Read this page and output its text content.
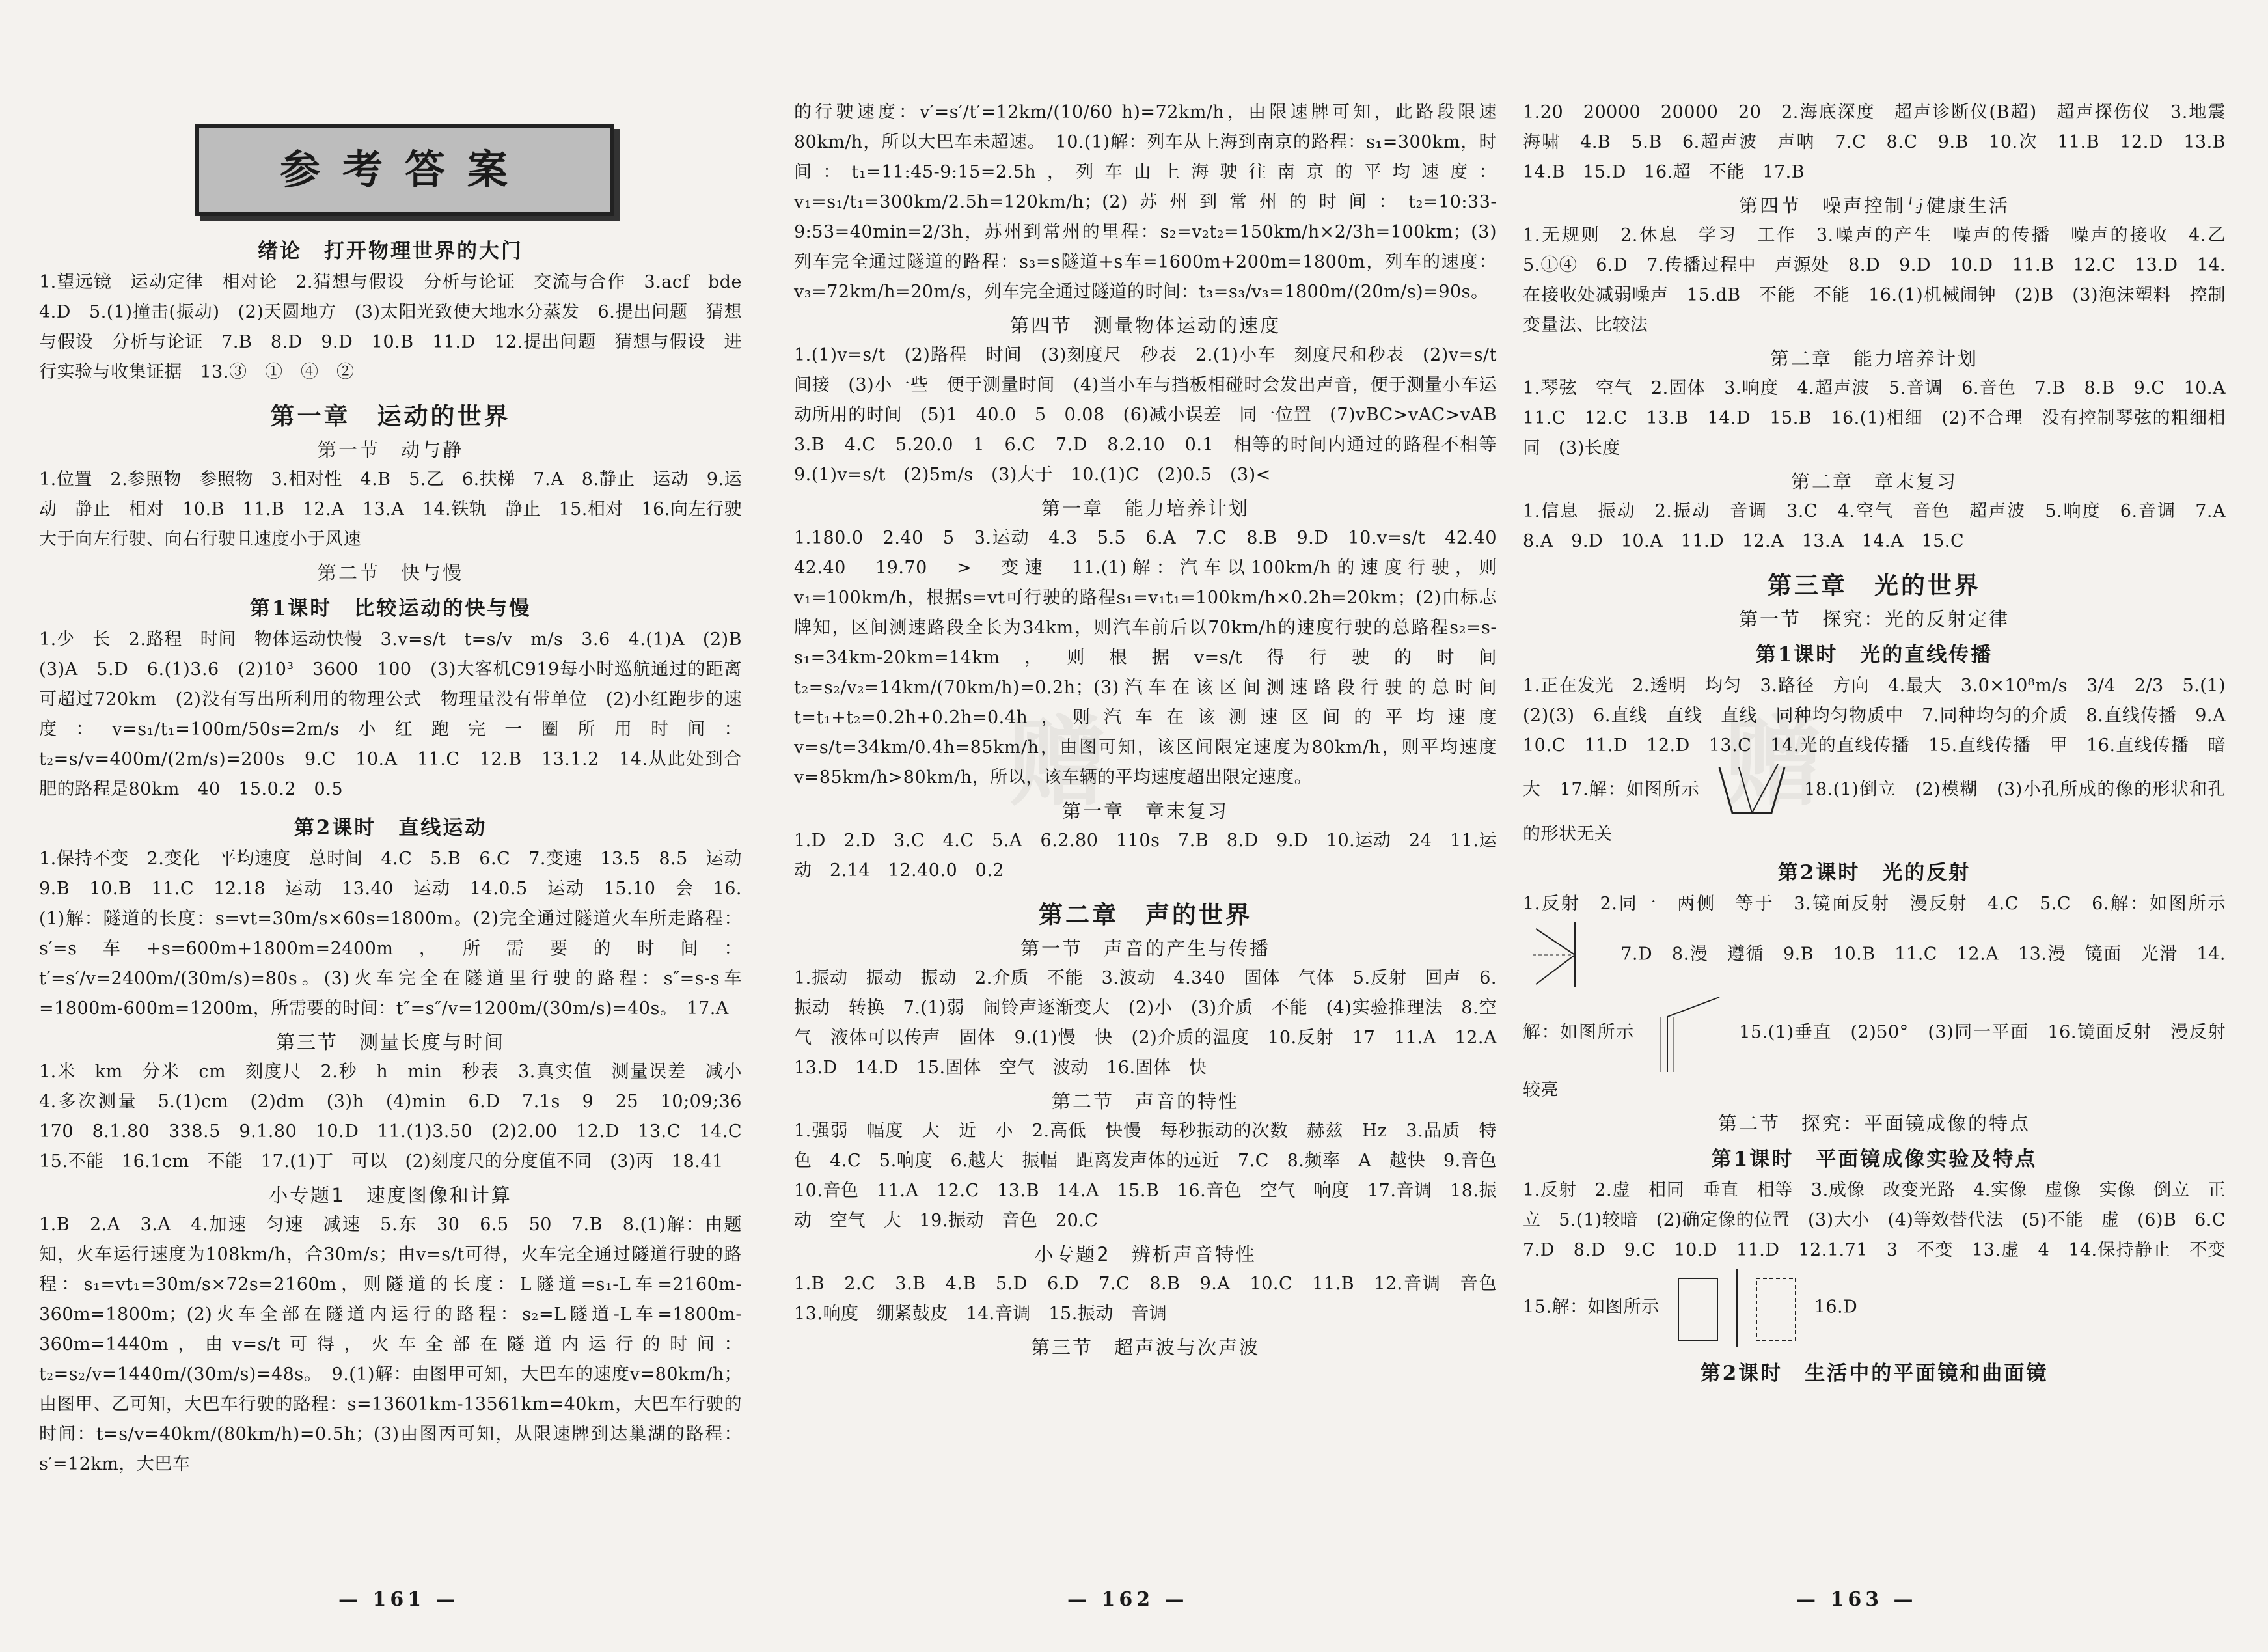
赠	赠
参考答案
绪论　打开物理世界的大门

1.望远镜　运动定律　相对论　2.猜想与假设　分析与论证　交流与合作　3.acf　bde　4.D　5.(1)撞击(振动)　(2)天圆地方　(3)太阳光致使大地水分蒸发　6.提出问题　猜想与假设　分析与论证　7.B　8.D　9.D　10.B　11.D　12.提出问题　猜想与假设　进行实验与收集证据　13.③　①　④　②

第一章　运动的世界
第一节　动与静

1.位置　2.参照物　参照物　3.相对性　4.B　5.乙　6.扶梯　7.A　8.静止　运动　9.运动　静止　相对　10.B　11.B　12.A　13.A　14.铁轨　静止　15.相对　16.向左行驶　大于向左行驶、向右行驶且速度小于风速

第二节　快与慢
第1课时　比较运动的快与慢

1.少　长　2.路程　时间　物体运动快慢　3.v=s/t　t=s/v　m/s　3.6　4.(1)A　(2)B　(3)A　5.D　6.(1)3.6　(2)10³　3600　100　(3)大客机C919每小时巡航通过的距离可超过720km　(2)没有写出所利用的物理公式　物理量没有带单位　(2)小红跑步的速度：v=s₁/t₁=100m/50s=2m/s小红跑完一圈所用时间：t₂=s/v=400m/(2m/s)=200s　9.C　10.A　11.C　12.B　13.1.2　14.从此处到合肥的路程是80km　40　15.0.2　0.5

第2课时　直线运动

1.保持不变　2.变化　平均速度　总时间　4.C　5.B　6.C　7.变速　13.5　8.5　运动　9.B　10.B　11.C　12.18　运动　13.40　运动　14.0.5　运动　15.10　会　16.(1)解：隧道的长度：s=vt=30m/s×60s=1800m。(2)完全通过隧道火车所走路程：s′=s车+s=600m+1800m=2400m，所需要的时间：t′=s′/v=2400m/(30m/s)=80s。(3)火车完全在隧道里行驶的路程：s″=s-s车=1800m-600m=1200m，所需要的时间：t″=s″/v=1200m/(30m/s)=40s。　17.A

第三节　测量长度与时间

1.米　km　分米　cm　刻度尺　2.秒　h　min　秒表　3.真实值　测量误差　减小　4.多次测量　5.(1)cm　(2)dm　(3)h　(4)min　6.D　7.1s　9　25　10;09;36　170　8.1.80　338.5　9.1.80　10.D　11.(1)3.50　(2)2.00　12.D　13.C　14.C　15.不能　16.1cm　不能　17.(1)丁　可以　(2)刻度尺的分度值不同　(3)丙　18.41

小专题1　速度图像和计算

1.B　2.A　3.A　4.加速　匀速　减速　5.东　30　6.5　50　7.B　8.(1)解：由题知，火车运行速度为108km/h，合30m/s；由v=s/t可得，火车完全通过隧道行驶的路程：s₁=vt₁=30m/s×72s=2160m，则隧道的长度：L隧道=s₁-L车=2160m-360m=1800m；(2)火车全部在隧道内运行的路程：s₂=L隧道-L车=1800m-360m=1440m，由v=s/t可得，火车全部在隧道内运行的时间：t₂=s₂/v=1440m/(30m/s)=48s。　9.(1)解：由图甲可知，大巴车的速度v=80km/h；由图甲、乙可知，大巴车行驶的路程：s=13601km-13561km=40km，大巴车行驶的时间：t=s/v=40km/(80km/h)=0.5h；(3)由图丙可知，从限速牌到达巢湖的路程：s′=12km，大巴车

— 161 —

的行驶速度：v′=s′/t′=12km/(10/60 h)=72km/h，由限速牌可知，此路段限速80km/h，所以大巴车未超速。　10.(1)解：列车从上海到南京的路程：s₁=300km，时间：t₁=11:45-9:15=2.5h，列车由上海驶往南京的平均速度：v₁=s₁/t₁=300km/2.5h=120km/h；(2)苏州到常州的时间：t₂=10:33-9:53=40min=2/3h，苏州到常州的里程：s₂=v₂t₂=150km/h×2/3h=100km；(3)列车完全通过隧道的路程：s₃=s隧道+s车=1600m+200m=1800m，列车的速度：v₃=72km/h=20m/s，列车完全通过隧道的时间：t₃=s₃/v₃=1800m/(20m/s)=90s。

第四节　测量物体运动的速度

1.(1)v=s/t　(2)路程　时间　(3)刻度尺　秒表　2.(1)小车　刻度尺和秒表　(2)v=s/t　间接　(3)小一些　便于测量时间　(4)当小车与挡板相碰时会发出声音，便于测量小车运动所用的时间　(5)1　40.0　5　0.08　(6)减小误差　同一位置　(7)vBC>vAC>vAB　3.B　4.C　5.20.0　1　6.C　7.D　8.2.10　0.1　相等的时间内通过的路程不相等　9.(1)v=s/t　(2)5m/s　(3)大于　10.(1)C　(2)0.5　(3)<

第一章　能力培养计划

1.180.0　2.40　5　3.运动　4.3　5.5　6.A　7.C　8.B　9.D　10.v=s/t　42.40　42.40　19.70　>　变速　11.(1)解：汽车以100km/h的速度行驶，则v₁=100km/h，根据s=vt可行驶的路程s₁=v₁t₁=100km/h×0.2h=20km；(2)由标志牌知，区间测速路段全长为34km，则汽车前后以70km/h的速度行驶的总路程s₂=s-s₁=34km-20km=14km，则根据v=s/t得行驶的时间t₂=s₂/v₂=14km/(70km/h)=0.2h；(3)汽车在该区间测速路段行驶的总时间t=t₁+t₂=0.2h+0.2h=0.4h，则汽车在该测速区间的平均速度v=s/t=34km/0.4h=85km/h，由图可知，该区间限定速度为80km/h，则平均速度v=85km/h>80km/h，所以，该车辆的平均速度超出限定速度。

第一章　章末复习

1.D　2.D　3.C　4.C　5.A　6.2.80　110s　7.B　8.D　9.D　10.运动　24　11.运动　2.14　12.40.0　0.2

第二章　声的世界
第一节　声音的产生与传播

1.振动　振动　振动　2.介质　不能　3.波动　4.340　固体　气体　5.反射　回声　6.振动　转换　7.(1)弱　闹铃声逐渐变大　(2)小　(3)介质　不能　(4)实验推理法　8.空气　液体可以传声　固体　9.(1)慢　快　(2)介质的温度　10.反射　17　11.A　12.A　13.D　14.D　15.固体　空气　波动　16.固体　快

第二节　声音的特性

1.强弱　幅度　大　近　小　2.高低　快慢　每秒振动的次数　赫兹　Hz　3.品质　特色　4.C　5.响度　6.越大　振幅　距离发声体的远近　7.C　8.频率　A　越快　9.音色　10.音色　11.A　12.C　13.B　14.A　15.B　16.音色　空气　响度　17.音调　18.振动　空气　大　19.振动　音色　20.C

小专题2　辨析声音特性

1.B　2.C　3.B　4.B　5.D　6.D　7.C　8.B　9.A　10.C　11.B　12.音调　音色　13.响度　绷紧鼓皮　14.音调　15.振动　音调

第三节　超声波与次声波
— 162 —

1.20　20000　20000　20　2.海底深度　超声诊断仪(B超)　超声探伤仪　3.地震　海啸　4.B　5.B　6.超声波　声呐　7.C　8.C　9.B　10.次　11.B　12.D　13.B　14.B　15.D　16.超　不能　17.B

第四节　噪声控制与健康生活

1.无规则　2.休息　学习　工作　3.噪声的产生　噪声的传播　噪声的接收　4.乙　5.①④　6.D　7.传播过程中　声源处　8.D　9.D　10.D　11.B　12.C　13.D　14.在接收处减弱噪声　15.dB　不能　不能　16.(1)机械闹钟　(2)B　(3)泡沫塑料　控制变量法、比较法

第二章　能力培养计划

1.琴弦　空气　2.固体　3.响度　4.超声波　5.音调　6.音色　7.B　8.B　9.C　10.A　11.C　12.C　13.B　14.D　15.B　16.(1)相细　(2)不合理　没有控制琴弦的粗细相同　(3)长度

第二章　章末复习

1.信息　振动　2.振动　音调　3.C　4.空气　音色　超声波　5.响度　6.音调　7.A　8.A　9.D　10.A　11.D　12.A　13.A　14.A　15.C

第三章　光的世界
第一节　探究：光的反射定律
第1课时　光的直线传播

1.正在发光　2.透明　均匀　3.路径　方向　4.最大　3.0×10⁸m/s　3/4　2/3　5.(1)(2)(3)　6.直线　直线　直线　同种均匀物质中　7.同种均匀的介质　8.直线传播　9.A　10.C　11.D　12.D　13.C　14.光的直线传播　15.直线传播　甲　16.直线传播　暗　大　17.解：如图所示	18.(1)倒立　(2)模糊　(3)小孔所成的像的形状和孔的形状无关

第2课时　光的反射

1.反射　2.同一　两侧　等于　3.镜面反射　漫反射　4.C　5.C　6.解：如图所示  7.D　8.漫　遵循　9.B　10.B　11.C　12.A　13.漫　镜面　光滑　14.解：如图所示	15.(1)垂直　(2)50°　(3)同一平面　16.镜面反射　漫反射　较亮

第二节　探究：平面镜成像的特点
第1课时　平面镜成像实验及特点

1.反射　2.虚　相同　垂直　相等　3.成像　改变光路　4.实像　虚像　实像　倒立　正立　5.(1)较暗　(2)确定像的位置　(3)大小　(4)等效替代法　(5)不能　虚　(6)B　6.C　7.D　8.D　9.C　10.D　11.D　12.1.71　3　不变　13.虚　4　14.保持静止　不变　15.解：如图所示	16.D

第2课时　生活中的平面镜和曲面镜
— 163 —
